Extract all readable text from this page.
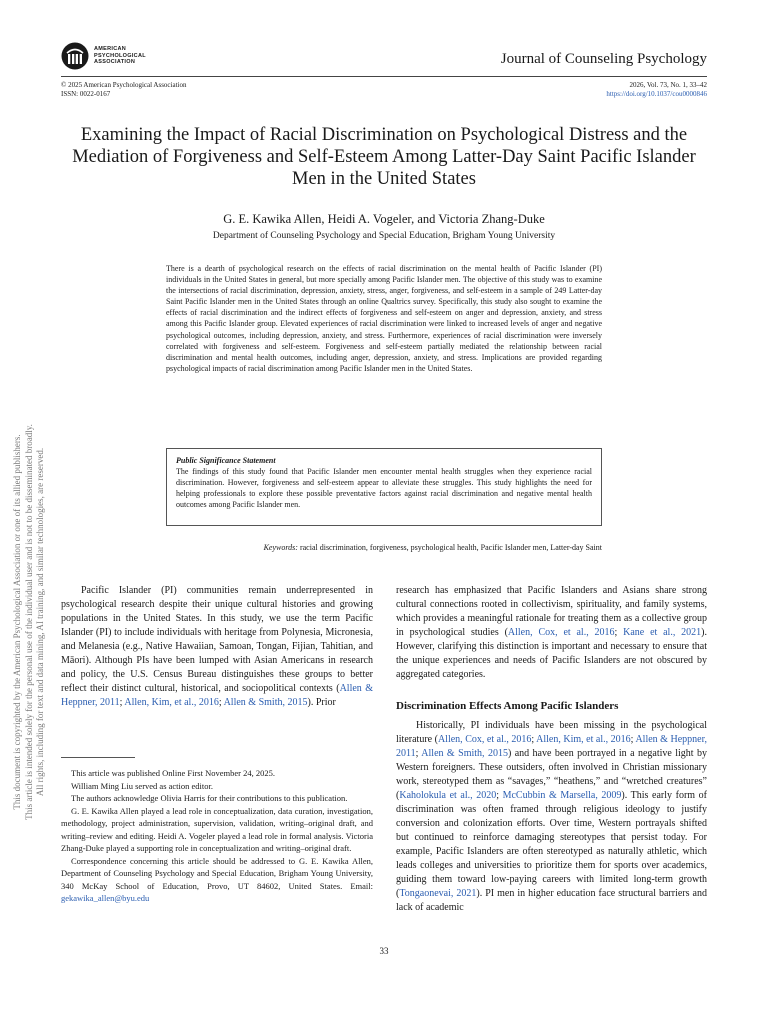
AMERICAN
PSYCHOLOGICAL
ASSOCIATION	Journal of Counseling Psychology
© 2025 American Psychological Association
ISSN: 0022-0167
2026, Vol. 73, No. 1, 33–42
https://doi.org/10.1037/cou0000846
Examining the Impact of Racial Discrimination on Psychological Distress and the Mediation of Forgiveness and Self-Esteem Among Latter-Day Saint Pacific Islander Men in the United States
G. E. Kawika Allen, Heidi A. Vogeler, and Victoria Zhang-Duke
Department of Counseling Psychology and Special Education, Brigham Young University
There is a dearth of psychological research on the effects of racial discrimination on the mental health of Pacific Islander (PI) individuals in the United States in general, but more specially among Pacific Islander men. The objective of this study was to examine the intersections of racial discrimination, depression, anxiety, stress, anger, forgiveness, and self-esteem in a sample of 249 Latter-day Saint Pacific Islander men in the United States through an online Qualtrics survey. Specifically, this study also sought to examine the effects of racial discrimination and the indirect effects of forgiveness and self-esteem on anger and depression, anxiety, and stress among this Pacific Islander group. Elevated experiences of racial discrimination were linked to increased levels of anger and negative psychological outcomes, including depression, anxiety, and stress. Furthermore, experiences of racial discrimination were inversely correlated with forgiveness and self-esteem. Forgiveness and self-esteem partially mediated the relationship between racial discrimination and mental health outcomes, including anger, depression, anxiety, and stress. Implications are provided regarding psychological impacts of racial discrimination among Pacific Islander men in the United States.
Public Significance Statement
The findings of this study found that Pacific Islander men encounter mental health struggles when they experience racial discrimination. However, forgiveness and self-esteem appear to alleviate these struggles. This study highlights the need for helping professionals to explore these possible preventative factors against racial discrimination and negative mental health outcomes among Pacific Islander men.
Keywords: racial discrimination, forgiveness, psychological health, Pacific Islander men, Latter-day Saint
Pacific Islander (PI) communities remain underrepresented in psychological research despite their unique cultural histories and growing populations in the United States. In this study, we use the term Pacific Islander (PI) to include individuals with heritage from Polynesia, Micronesia, and Melanesia (e.g., Native Hawaiian, Samoan, Tongan, Fijian, Tahitian, and Māori). Although PIs have been lumped with Asian Americans in research and policy, the U.S. Census Bureau distinguishes these groups to better reflect their distinct cultural, historical, and sociopolitical contexts (Allen & Heppner, 2011; Allen, Kim, et al., 2016; Allen & Smith, 2015). Prior
research has emphasized that Pacific Islanders and Asians share strong cultural connections rooted in collectivism, spirituality, and family systems, which provides a meaningful rationale for treating them as a collective group in psychological studies (Allen, Cox, et al., 2016; Kane et al., 2021). However, clarifying this distinction is important and necessary to ensure that the unique experiences and needs of Pacific Islanders are not obscured by aggregated categories.
Discrimination Effects Among Pacific Islanders
Historically, PI individuals have been missing in the psychological literature (Allen, Cox, et al., 2016; Allen, Kim, et al., 2016; Allen & Heppner, 2011; Allen & Smith, 2015) and have been portrayed in a negative light by Western foreigners. These outsiders, often involved in Christian missionary work, stereotyped them as “savages,” “heathens,” and “wretched creatures” (Kaholokula et al., 2020; McCubbin & Marsella, 2009). This early form of discrimination was often framed through religious ideology to justify conversion and colonization efforts. Over time, Western portrayals shifted but continued to reinforce damaging stereotypes that persist today. For example, Pacific Islanders are often stereotyped as naturally athletic, which leads colleges and universities to prioritize them for sports over academics, guiding them toward low-paying careers with limited long-term growth (Tongaonevai, 2021). PI men in higher education face structural barriers and lack of academic

This article was published Online First November 24, 2025.

William Ming Liu served as action editor.

The authors acknowledge Olivia Harris for their contributions to this publication.

G. E. Kawika Allen played a lead role in conceptualization, data curation, investigation, methodology, project administration, supervision, validation, writing–original draft, and writing–review and editing. Heidi A. Vogeler played a lead role in formal analysis. Victoria Zhang-Duke played a supporting role in conceptualization and writing–original draft.

Correspondence concerning this article should be addressed to G. E. Kawika Allen, Department of Counseling Psychology and Special Education, Brigham Young University, 340 McKay School of Education, Provo, UT 84602, United States. Email: gekawika_allen@byu.edu

33
This document is copyrighted by the American Psychological Association or one of its allied publishers. This article is intended solely for the personal use of the individual user and is not to be disseminated broadly. All rights, including for text and data mining, AI training, and similar technologies, are reserved.
